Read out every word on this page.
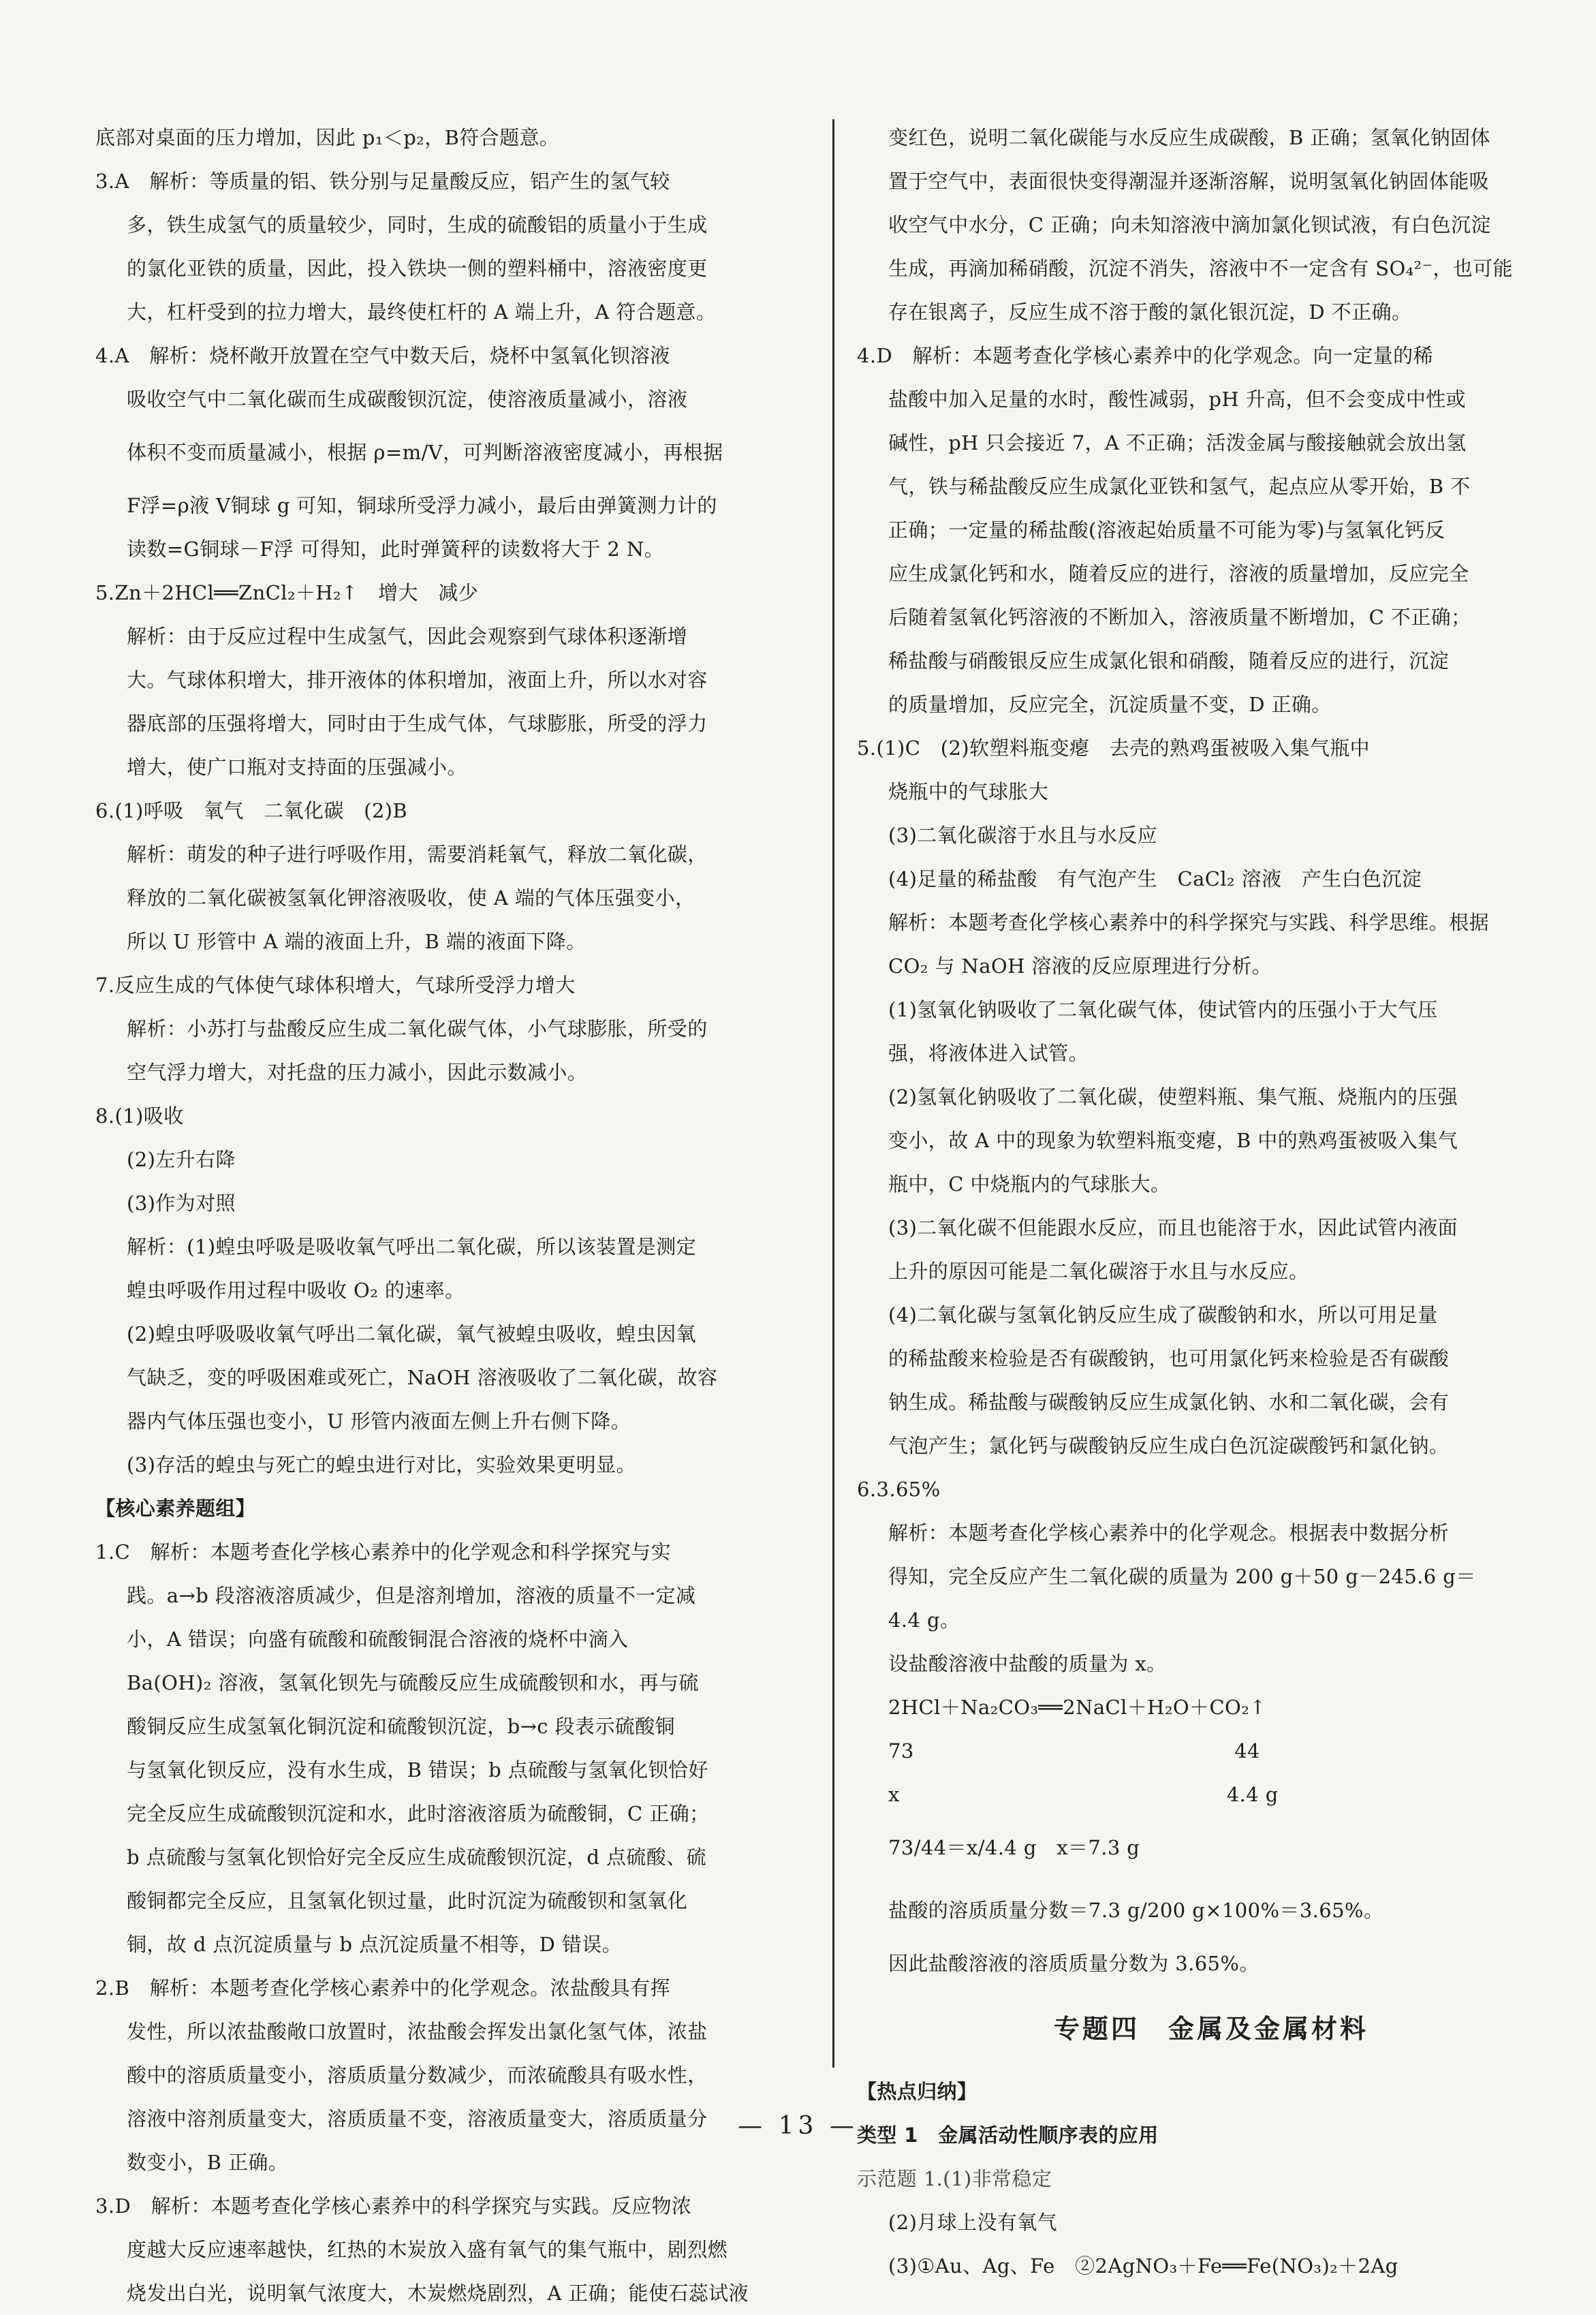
底部对桌面的压力增加，因此 p₁＜p₂，B符合题意。
3.A　解析：等质量的铝、铁分别与足量酸反应，铝产生的氢气较
多，铁生成氢气的质量较少，同时，生成的硫酸铝的质量小于生成
的氯化亚铁的质量，因此，投入铁块一侧的塑料桶中，溶液密度更
大，杠杆受到的拉力增大，最终使杠杆的 A 端上升，A 符合题意。
4.A　解析：烧杯敞开放置在空气中数天后，烧杯中氢氧化钡溶液
吸收空气中二氧化碳而生成碳酸钡沉淀，使溶液质量减小，溶液
体积不变而质量减小，根据 ρ=m/V，可判断溶液密度减小，再根据
F浮=ρ液 V铜球 g 可知，铜球所受浮力减小，最后由弹簧测力计的
读数=G铜球－F浮 可得知，此时弹簧秤的读数将大于 2 N。
5.Zn＋2HCl══ZnCl₂＋H₂↑　增大　减少
解析：由于反应过程中生成氢气，因此会观察到气球体积逐渐增
大。气球体积增大，排开液体的体积增加，液面上升，所以水对容
器底部的压强将增大，同时由于生成气体，气球膨胀，所受的浮力
增大，使广口瓶对支持面的压强减小。
6.(1)呼吸　氧气　二氧化碳　(2)B
解析：萌发的种子进行呼吸作用，需要消耗氧气，释放二氧化碳，
释放的二氧化碳被氢氧化钾溶液吸收，使 A 端的气体压强变小，
所以 U 形管中 A 端的液面上升，B 端的液面下降。
7.反应生成的气体使气球体积增大，气球所受浮力增大
解析：小苏打与盐酸反应生成二氧化碳气体，小气球膨胀，所受的
空气浮力增大，对托盘的压力减小，因此示数减小。
8.(1)吸收
(2)左升右降
(3)作为对照
解析：(1)蝗虫呼吸是吸收氧气呼出二氧化碳，所以该装置是测定
蝗虫呼吸作用过程中吸收 O₂ 的速率。
(2)蝗虫呼吸吸收氧气呼出二氧化碳，氧气被蝗虫吸收，蝗虫因氧
气缺乏，变的呼吸困难或死亡，NaOH 溶液吸收了二氧化碳，故容
器内气体压强也变小，U 形管内液面左侧上升右侧下降。
(3)存活的蝗虫与死亡的蝗虫进行对比，实验效果更明显。
【核心素养题组】
1.C　解析：本题考查化学核心素养中的化学观念和科学探究与实
践。a→b 段溶液溶质减少，但是溶剂增加，溶液的质量不一定减
小，A 错误；向盛有硫酸和硫酸铜混合溶液的烧杯中滴入
Ba(OH)₂ 溶液，氢氧化钡先与硫酸反应生成硫酸钡和水，再与硫
酸铜反应生成氢氧化铜沉淀和硫酸钡沉淀，b→c 段表示硫酸铜
与氢氧化钡反应，没有水生成，B 错误；b 点硫酸与氢氧化钡恰好
完全反应生成硫酸钡沉淀和水，此时溶液溶质为硫酸铜，C 正确；
b 点硫酸与氢氧化钡恰好完全反应生成硫酸钡沉淀，d 点硫酸、硫
酸铜都完全反应，且氢氧化钡过量，此时沉淀为硫酸钡和氢氧化
铜，故 d 点沉淀质量与 b 点沉淀质量不相等，D 错误。
2.B　解析：本题考查化学核心素养中的化学观念。浓盐酸具有挥
发性，所以浓盐酸敞口放置时，浓盐酸会挥发出氯化氢气体，浓盐
酸中的溶质质量变小，溶质质量分数减少，而浓硫酸具有吸水性，
溶液中溶剂质量变大，溶质质量不变，溶液质量变大，溶质质量分
数变小，B 正确。
3.D　解析：本题考查化学核心素养中的科学探究与实践。反应物浓
度越大反应速率越快，红热的木炭放入盛有氧气的集气瓶中，剧烈燃
烧发出白光，说明氧气浓度大，木炭燃烧剧烈，A 正确；能使石蕊试液
变红色，说明二氧化碳能与水反应生成碳酸，B 正确；氢氧化钠固体
置于空气中，表面很快变得潮湿并逐渐溶解，说明氢氧化钠固体能吸
收空气中水分，C 正确；向未知溶液中滴加氯化钡试液，有白色沉淀
生成，再滴加稀硝酸，沉淀不消失，溶液中不一定含有 SO₄²⁻，也可能
存在银离子，反应生成不溶于酸的氯化银沉淀，D 不正确。
4.D　解析：本题考查化学核心素养中的化学观念。向一定量的稀
盐酸中加入足量的水时，酸性减弱，pH 升高，但不会变成中性或
碱性，pH 只会接近 7，A 不正确；活泼金属与酸接触就会放出氢
气，铁与稀盐酸反应生成氯化亚铁和氢气，起点应从零开始，B 不
正确；一定量的稀盐酸(溶液起始质量不可能为零)与氢氧化钙反
应生成氯化钙和水，随着反应的进行，溶液的质量增加，反应完全
后随着氢氧化钙溶液的不断加入，溶液质量不断增加，C 不正确；
稀盐酸与硝酸银反应生成氯化银和硝酸，随着反应的进行，沉淀
的质量增加，反应完全，沉淀质量不变，D 正确。
5.(1)C　(2)软塑料瓶变瘪　去壳的熟鸡蛋被吸入集气瓶中
烧瓶中的气球胀大
(3)二氧化碳溶于水且与水反应
(4)足量的稀盐酸　有气泡产生　CaCl₂ 溶液　产生白色沉淀
解析：本题考查化学核心素养中的科学探究与实践、科学思维。根据
CO₂ 与 NaOH 溶液的反应原理进行分析。
(1)氢氧化钠吸收了二氧化碳气体，使试管内的压强小于大气压
强，将液体进入试管。
(2)氢氧化钠吸收了二氧化碳，使塑料瓶、集气瓶、烧瓶内的压强
变小，故 A 中的现象为软塑料瓶变瘪，B 中的熟鸡蛋被吸入集气
瓶中，C 中烧瓶内的气球胀大。
(3)二氧化碳不但能跟水反应，而且也能溶于水，因此试管内液面
上升的原因可能是二氧化碳溶于水且与水反应。
(4)二氧化碳与氢氧化钠反应生成了碳酸钠和水，所以可用足量
的稀盐酸来检验是否有碳酸钠，也可用氯化钙来检验是否有碳酸
钠生成。稀盐酸与碳酸钠反应生成氯化钠、水和二氧化碳，会有
气泡产生；氯化钙与碳酸钠反应生成白色沉淀碳酸钙和氯化钠。
6.3.65%
解析：本题考查化学核心素养中的化学观念。根据表中数据分析
得知，完全反应产生二氧化碳的质量为 200 g＋50 g－245.6 g＝
4.4 g。
设盐酸溶液中盐酸的质量为 x。
2HCl＋Na₂CO₃══2NaCl＋H₂O＋CO₂↑
73　　　　　　　　　　　　　　　　44
x　　　　　　　　　　　　　　　　 4.4 g
73/44＝x/4.4 g　x＝7.3 g
盐酸的溶质质量分数＝7.3 g/200 g×100%＝3.65%。
因此盐酸溶液的溶质质量分数为 3.65%。
专题四　金属及金属材料
【热点归纳】
类型 1　金属活动性顺序表的应用
示范题 1.(1)非常稳定
(2)月球上没有氧气
(3)①Au、Ag、Fe　②2AgNO₃＋Fe══Fe(NO₃)₂＋2Ag
— 13 —
